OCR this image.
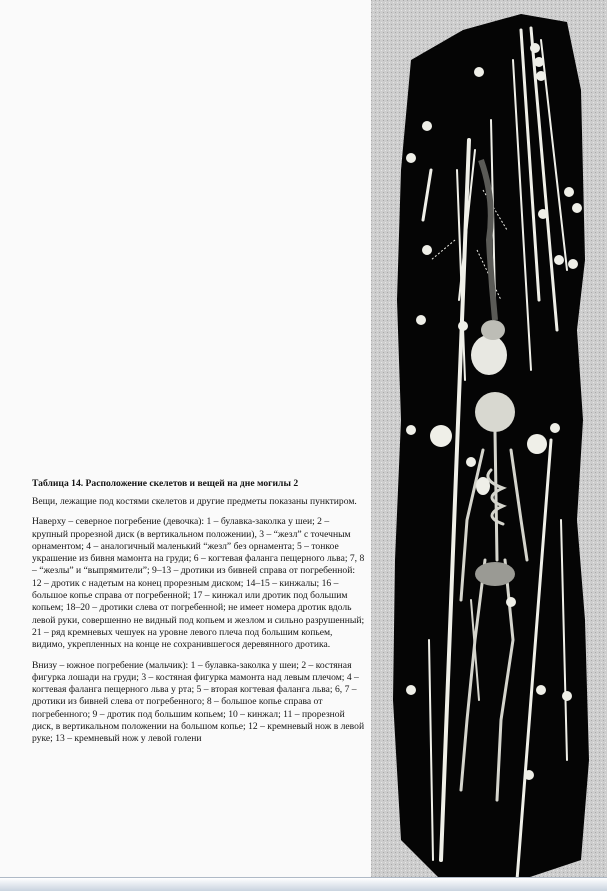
Таблица 14. Расположение скелетов и вещей на дне могилы 2

Вещи, лежащие под костями скелетов и другие предметы показаны пунктиром.

Наверху – северное погребение (девочка): 1 – булавка-заколка у шеи; 2 – крупный прорезной диск (в вертикальном положении), 3 – “жезл” с точечным орнаментом; 4 – аналогичный маленький “жезл” без орнамента; 5 – тонкое украшение из бивня мамонта на груди; 6 – когтевая фаланга пещерного льва; 7, 8 – “жезлы” и “выпрямители”; 9–13 – дротики из бивней справа от погребенной: 12 – дротик с надетым на конец прорезным диском; 14–15 – кинжалы; 16 – большое копье справа от погребенной; 17 – кинжал или дротик под большим копьем; 18–20 – дротики слева от погребенной; не имеет номера дротик вдоль левой руки, совершенно не видный под копьем и жезлом и сильно разрушенный; 21 – ряд кремневых чешуек на уровне левого плеча под большим копьем, видимо, укрепленных на конце не сохранившегося деревянного дротика.

Внизу – южное погребение (мальчик): 1 – булавка-заколка у шеи; 2 – костяная фигурка лошади на груди; 3 – костяная фигурка мамонта над левым плечом; 4 – когтевая фаланга пещерного льва у рта; 5 – вторая когтевая фаланга льва; 6, 7 – дротики из бивней слева от погребенного; 8 – большое копье справа от погребенного; 9 – дротик под большим копьем; 10 – кинжал; 11 – прорезной диск, в вертикальном положении на большом копье; 12 – кремневый нож в левой руке; 13 – кремневый нож у левой голени
